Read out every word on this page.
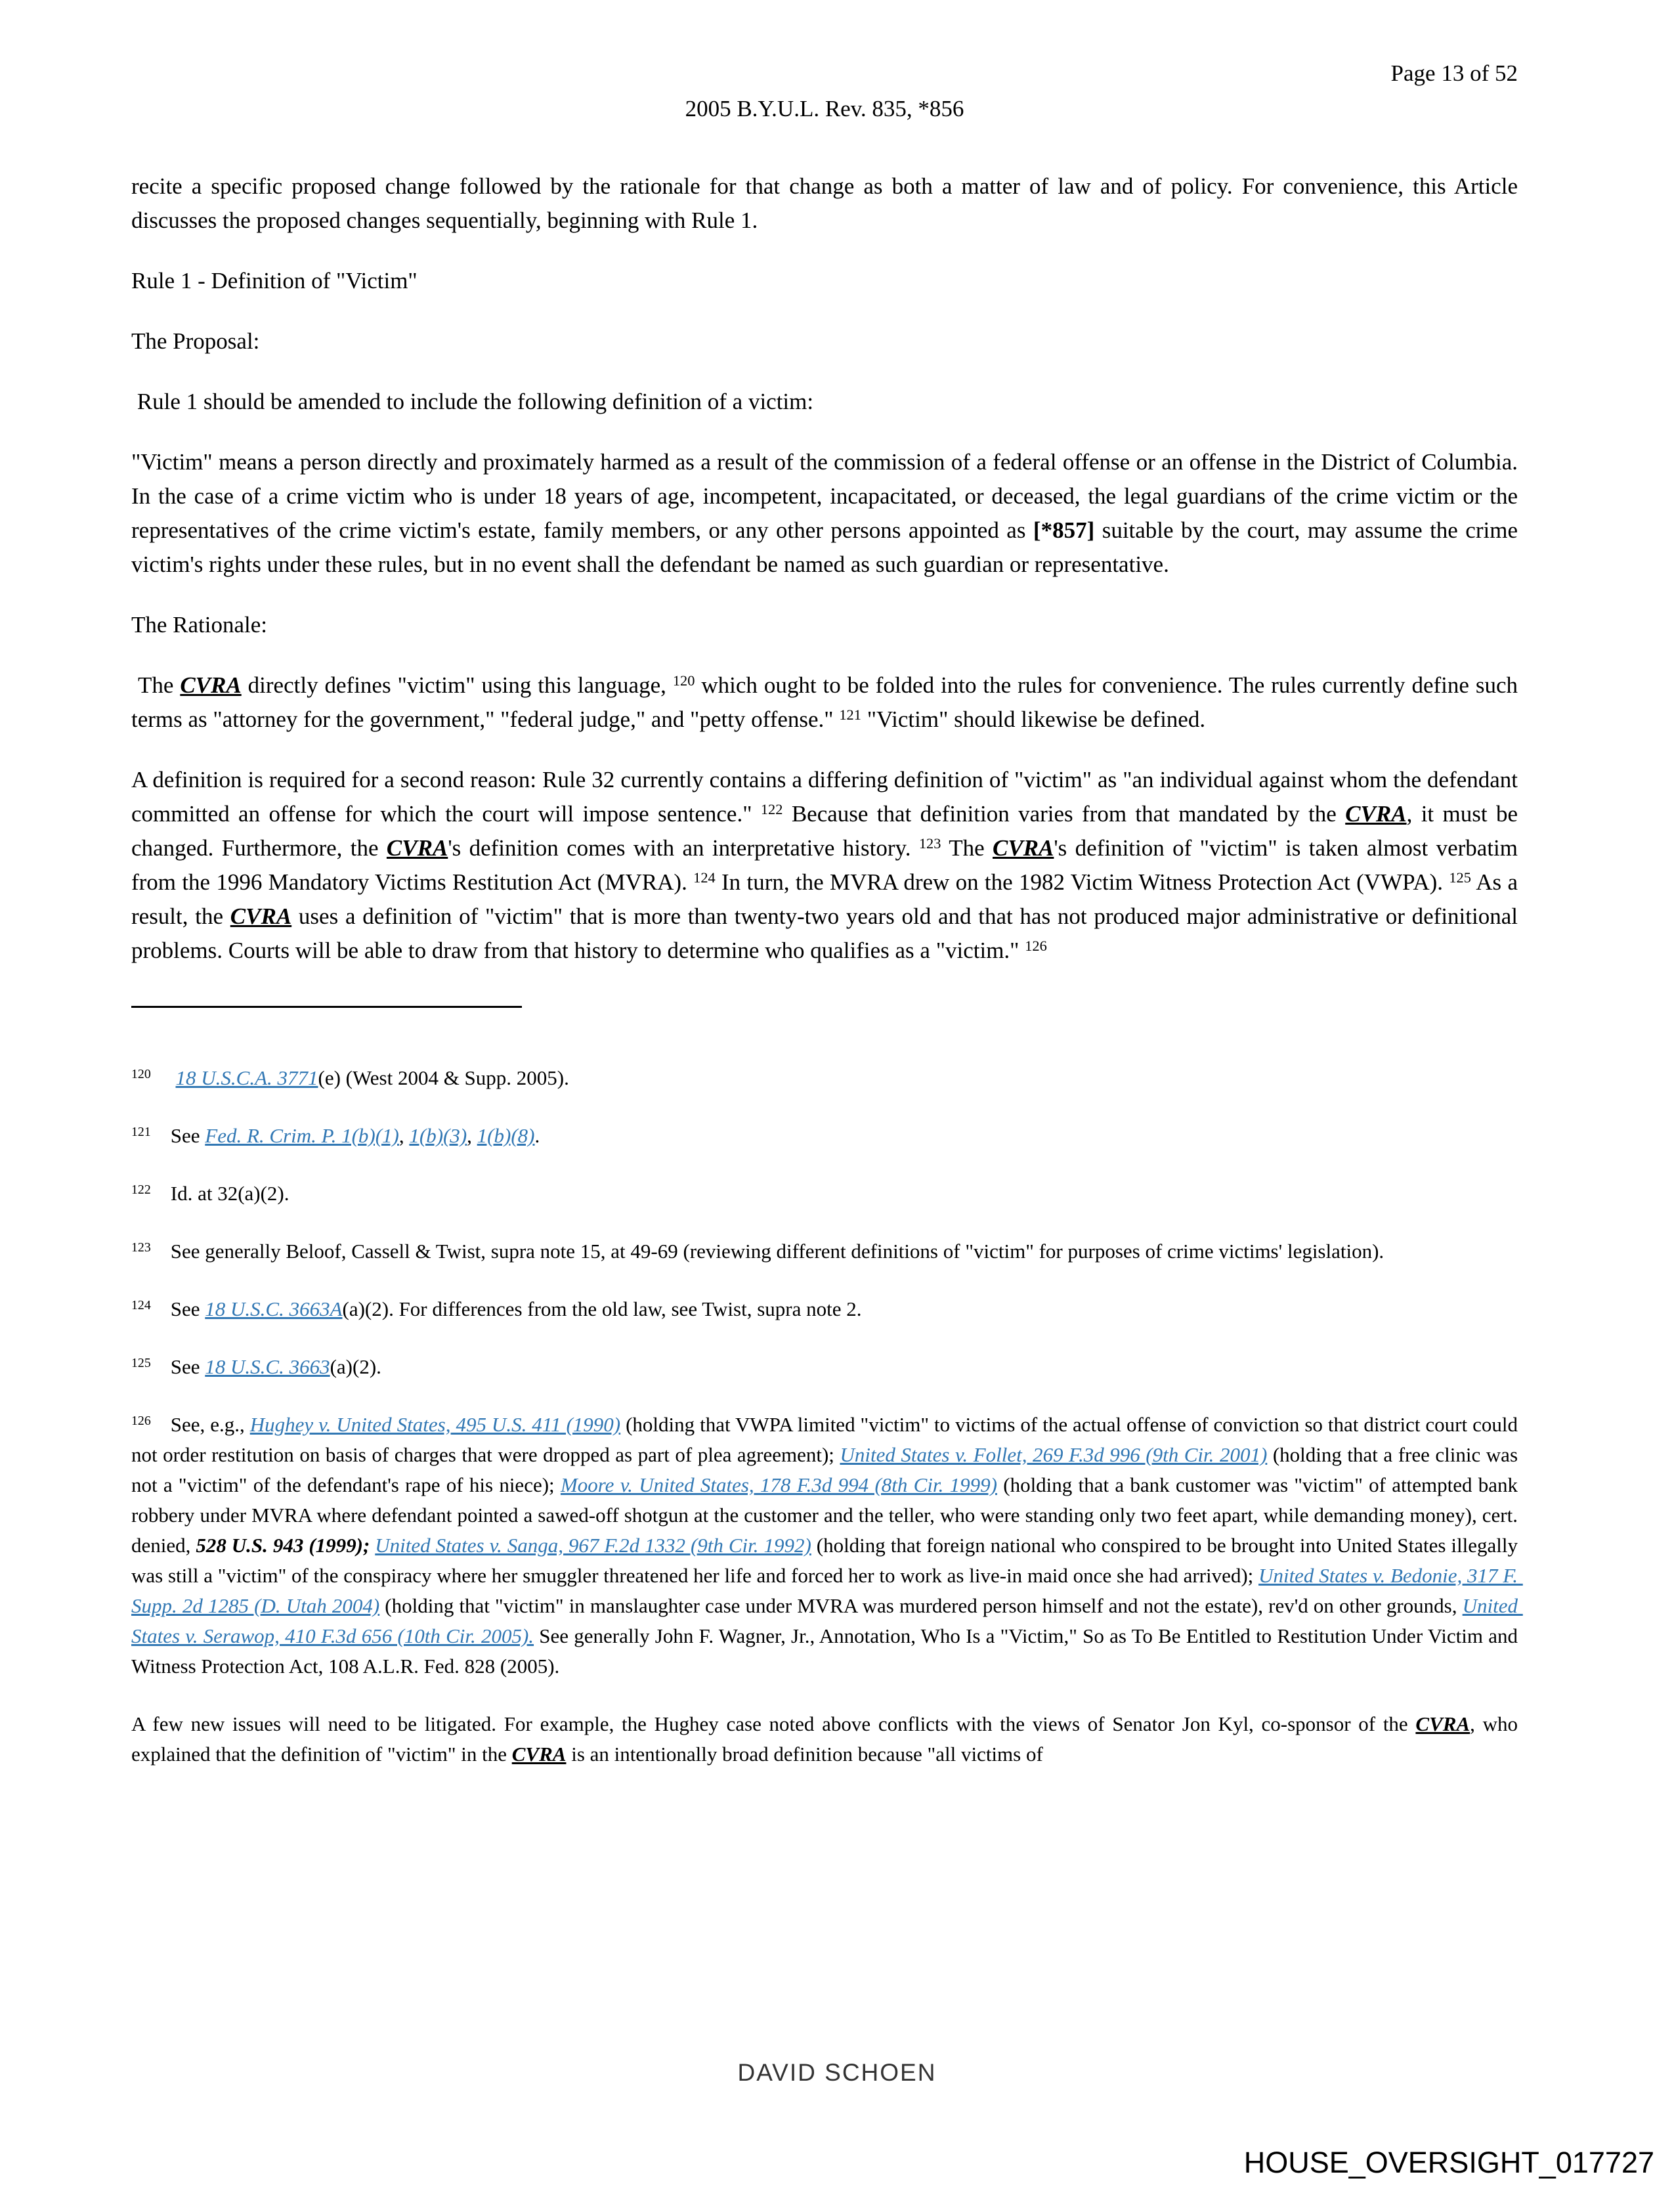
Page 13 of 52
2005 B.Y.U.L. Rev. 835, *856

recite a specific proposed change followed by the rationale for that change as both a matter of law and of policy. For convenience, this Article discusses the proposed changes sequentially, beginning with Rule 1.

Rule 1 - Definition of "Victim"

The Proposal:

Rule 1 should be amended to include the following definition of a victim:

"Victim" means a person directly and proximately harmed as a result of the commission of a federal offense or an offense in the District of Columbia. In the case of a crime victim who is under 18 years of age, incompetent, incapacitated, or deceased, the legal guardians of the crime victim or the representatives of the crime victim's estate, family members, or any other persons appointed as [*857] suitable by the court, may assume the crime victim's rights under these rules, but in no event shall the defendant be named as such guardian or representative.

The Rationale:

The CVRA directly defines "victim" using this language, $^{120}$ which ought to be folded into the rules for convenience. The rules currently define such terms as "attorney for the government," "federal judge," and "petty offense." $^{121}$ "Victim" should likewise be defined.

A definition is required for a second reason: Rule 32 currently contains a differing definition of "victim" as "an individual against whom the defendant committed an offense for which the court will impose sentence." $^{122}$ Because that definition varies from that mandated by the CVRA, it must be changed. Furthermore, the CVRA's definition comes with an interpretative history. $^{123}$ The CVRA's definition of "victim" is taken almost verbatim from the 1996 Mandatory Victims Restitution Act (MVRA). $^{124}$ In turn, the MVRA drew on the 1982 Victim Witness Protection Act (VWPA). $^{125}$ As a result, the CVRA uses a definition of "victim" that is more than twenty-two years old and that has not produced major administrative or definitional problems. Courts will be able to draw from that history to determine who qualifies as a "victim." $^{126}$

$^{120}$ 18 U.S.C.A. 3771(e) (West 2004 & Supp. 2005).

$^{121}$ See Fed. R. Crim. P. 1(b)(1), 1(b)(3), 1(b)(8).

$^{122}$ Id. at 32(a)(2).

$^{123}$ See generally Beloof, Cassell & Twist, supra note 15, at 49-69 (reviewing different definitions of "victim" for purposes of crime victims' legislation).

$^{124}$ See 18 U.S.C. 3663A(a)(2). For differences from the old law, see Twist, supra note 2.

$^{125}$ See 18 U.S.C. 3663(a)(2).

$^{126}$ See, e.g., Hughey v. United States, 495 U.S. 411 (1990) (holding that VWPA limited "victim" to victims of the actual offense of conviction so that district court could not order restitution on basis of charges that were dropped as part of plea agreement); United States v. Follet, 269 F.3d 996 (9th Cir. 2001) (holding that a free clinic was not a "victim" of the defendant's rape of his niece); Moore v. United States, 178 F.3d 994 (8th Cir. 1999) (holding that a bank customer was "victim" of attempted bank robbery under MVRA where defendant pointed a sawed-off shotgun at the customer and the teller, who were standing only two feet apart, while demanding money), cert. denied, 528 U.S. 943 (1999); United States v. Sanga, 967 F.2d 1332 (9th Cir. 1992) (holding that foreign national who conspired to be brought into United States illegally was still a "victim" of the conspiracy where her smuggler threatened her life and forced her to work as live-in maid once she had arrived); United States v. Bedonie, 317 F. Supp. 2d 1285 (D. Utah 2004) (holding that "victim" in manslaughter case under MVRA was murdered person himself and not the estate), rev'd on other grounds, United States v. Serawop, 410 F.3d 656 (10th Cir. 2005). See generally John F. Wagner, Jr., Annotation, Who Is a "Victim," So as To Be Entitled to Restitution Under Victim and Witness Protection Act, 108 A.L.R. Fed. 828 (2005).

A few new issues will need to be litigated. For example, the Hughey case noted above conflicts with the views of Senator Jon Kyl, co-sponsor of the CVRA, who explained that the definition of "victim" in the CVRA is an intentionally broad definition because "all victims of

DAVID SCHOEN
HOUSE_OVERSIGHT_017727
